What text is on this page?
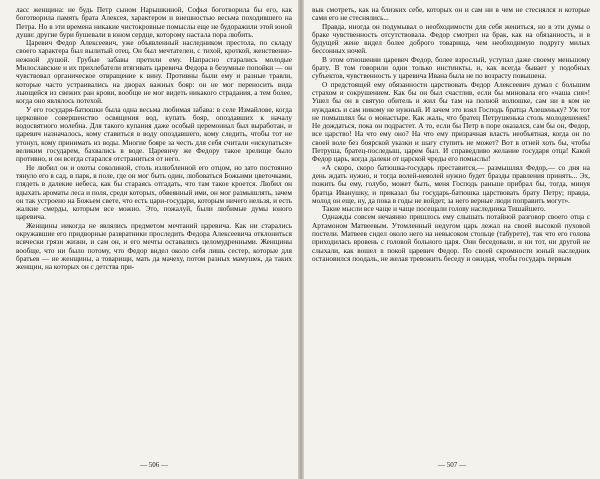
ласс женщина: не будь Петр сыном Нарышкиной, Софья боготворила бы его, как боготворила память брата Алексея, характером и внешностью весьма походившего на Петра. Но в эти времена никакие чистокровные помыслы еще не будоражили этой юной души: другие бури бушевали в юном сердце, которому настала пора любить.

Царевич Федор Алексеевич, уже объявленный наследником престола, по складу своего характера был вылитый отец. Он был мечтателен, с тихой, кроткой, женственно-нежной душой. Грубые забавы претили ему. Напрасно старались молодые Милославские и их прихлебатели втягивать царевича Федора в безумные попойки — он чувствовал органическое отвращение к вину. Противны были ему и разные травли, которые часто устраивались на дворах важных бояр: он не мог переносить вида льющейся из свежих ран крови, вообще не мог видеть никакого страдания, а тем более, когда оно являлось потехой.

У его государя-батюшки была одна весьма любимая забава: в селе Измайлове, когда церковное совершенство освящения вод, купать бояр, опоздавших к началу водосвятного молебна. Для такого купания даже особый церемониал был выработан, и царевич назначалось, кому ставиться в воду опоздавшего, кому следить, чтобы тот не утонул, кому принимать из воды. Многие бояре за честь для себя считали «искупаться» великим государем, бахвались в воде. Царевичу же Федору такое зрелище было противно, и он всегда старался отстраниться от него.

Не любил он и охоты соколиной, столь излюбленной его отцом, но зато постоянно тянуло его в сад, в парк, в поле, где он мог быть один, любоваться Божьими цветочками, глядеть в далекие небеса, как бы стараясь отгадать, что там такое кроется. Любил он вдыхать ароматы леса и поля, среди которых, обвеянный ими, он мог размышлять, зачем он так устроено на Божьем свете, что есть цари-государи, которым ничего нельзя, и есть жалкие смерды, которым все можно. Это, пожалуй, были любимые думы юного царевича.

Женщины никогда не являлись предметом мечтаний царевича. Как ни старались окружавшие его придворные развратники проследить Федора Алексеевича отклониться всячески грязи жизни, и сам он, и его мечты оставались целомудренными. Женщины вообще, что ни было потому, что Федор видел около себя лишь сестер, которые для братьев — не женщины, а товарищи, мать да мачеху, потом разных мамушек, да таких женщин, на которых он с детства при-

— 506 —

вык смотреть, как на близких себе, которых он и сам ни в чем не стеснялся и которые сами его не стеснялись...

Правда, иногда он подумывал о необходимости для себя жениться, но в эти думы о браке чувственность отсутствовала. Федор смотрел на брак, как на обязанность, и в будущей жене видел более доброго товарища, чем необходимую подругу милых бессонных ночей.

В этом отношении царевич Федор, более взрослый, уступал даже своему меньшому брату. В том говорили одни только инстинкты, и, как всегда бывает у подобных субъектов, чувственность у царевича Ивана была не по возрасту повышена.

О предстоящей ему обязанности царствовать Федор Алексеевич думал с большим страхом и сокрушением. Как бы он был счастлив, если бы миновала его «чаша сия»! Ушел бы он в святую обитель и жил бы там на полной волюшке, сам ни в ком не нуждаясь и сам никому не нужный. И зачем это взял Господь братца Алешеньку? Уж тот не помышлял бы о монастыре. Как жаль, что братец Петрушенька столь молодешенек! Не дождаться, пока он подрастет. А то, если бы Петр в поре оказался, сам бы он, Федор, все царство! На что ему оно? На что ему призрачная власть необъятная, когда он по своей воле без боярской указки и шагу ступить не может? Вот в отней хоть бы, чтобы Петруша, братец-последыш, царем был. И справедливо желание государя отца! Какой Федор царь, когда далеки от царской чреды его помыслы!

«А скоро, скоро батюшка-государь преставится,— размышлял Федор,— со дня на день ждать нужно, и тогда волей-неволей нужно будет бразды правления принять... Эх, пожить бы ему, голубо, может быть, меня Господь раньше прибрал бы, тогда, минуя братца Иванушку, и приказал бы государь-батюшка царствовать брату Петру; правда, молод он еще, ну, да пока в годы не войдет, за него верные люди поправить могут».

Такие мысли все чаще и чаще посещали голову наследника Тишайшего.

Однажды совсем нечаянно пришлось ему слышать потайной разговор своего отца с Артамоном Матвеевым. Утомленный недугом царь лежал на своей высокой пуховой постели. Матвеев сидел около него на невысоком стольце (табурете), так что его голова приходилась вровень с головой больного царя. Они беседовали, и ни тот, ни другой не слыхали, как вошел в покой царевич Федор. По своей скромности юный наследник остановился поодаль, не желая тревожить беседу и ожидая, чтобы государь первым

— 507 —
